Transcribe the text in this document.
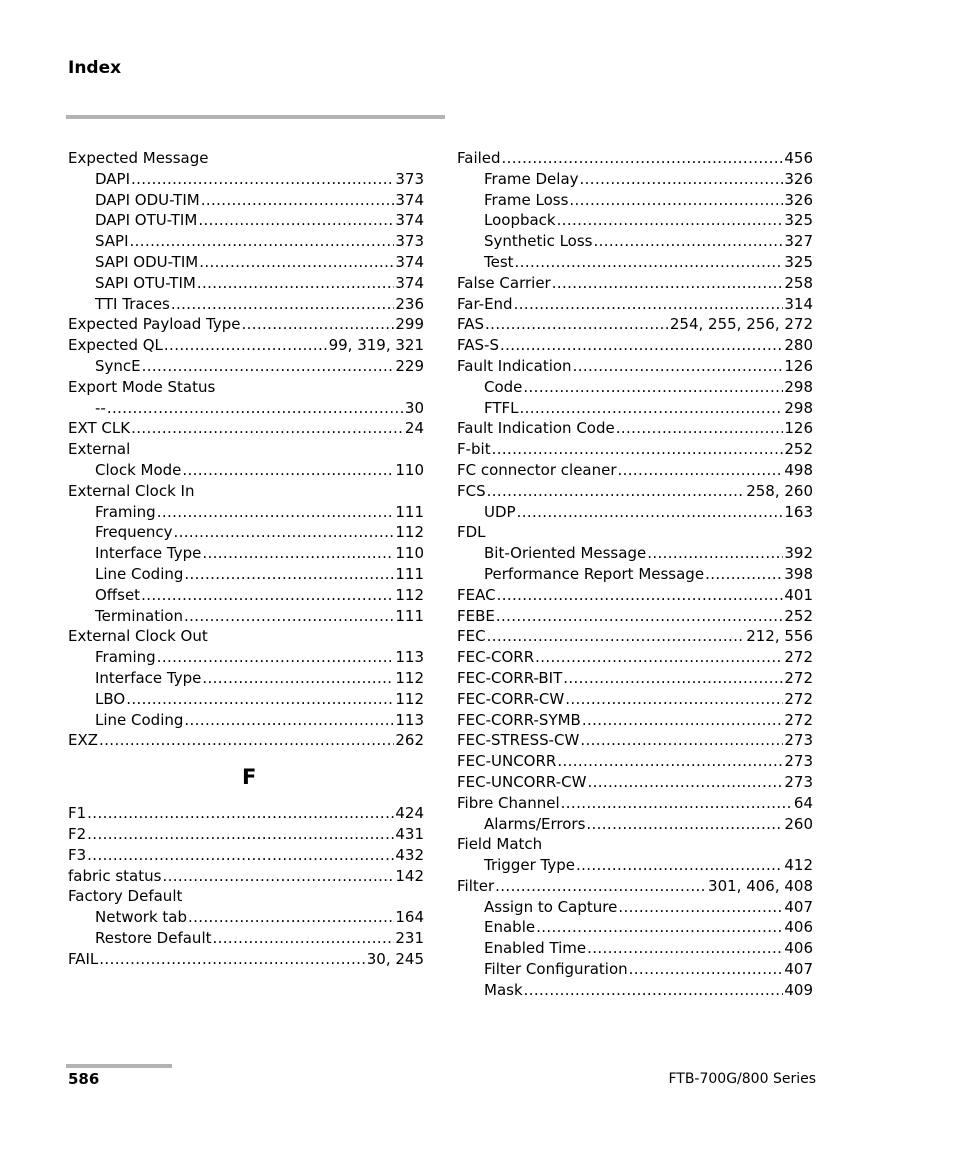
Index
Expected Message
DAPI . . .	373
DAPI ODU-TIM . . .	374
DAPI OTU-TIM . . .	374
SAPI . . .	373
SAPI ODU-TIM . . .	374
SAPI OTU-TIM . . .	374
TTI Traces . . .	236
Expected Payload Type . . .	299
Expected QL . . .	99, 319, 321
SyncE . . .	229
Export Mode Status
-- . . .	30
EXT CLK . . .	24
External
Clock Mode . . .	110
External Clock In
Framing . . .	111
Frequency . . .	112
Interface Type . . .	110
Line Coding . . .	111
Offset . . .	112
Termination . . .	111
External Clock Out
Framing . . .	113
Interface Type . . .	112
LBO . . .	112
Line Coding . . .	113
EXZ . . .	262
F
F1 . . .	424
F2 . . .	431
F3 . . .	432
fabric status . . .	142
Factory Default
Network tab . . .	164
Restore Default . . .	231
FAIL . . .	30, 245
Failed . . .	456
Frame Delay . . .	326
Frame Loss . . .	326
Loopback . . .	325
Synthetic Loss . . .	327
Test . . .	325
False Carrier . . .	258
Far-End . . .	314
FAS . . .	254, 255, 256, 272
FAS-S . . .	280
Fault Indication . . .	126
Code . . .	298
FTFL . . .	298
Fault Indication Code . . .	126
F-bit . . .	252
FC connector cleaner . . .	498
FCS . . .	258, 260
UDP . . .	163
FDL
Bit-Oriented Message . . .	392
Performance Report Message . . .	398
FEAC . . .	401
FEBE . . .	252
FEC . . .	212, 556
FEC-CORR . . .	272
FEC-CORR-BIT . . .	272
FEC-CORR-CW . . .	272
FEC-CORR-SYMB . . .	272
FEC-STRESS-CW . . .	273
FEC-UNCORR . . .	273
FEC-UNCORR-CW . . .	273
Fibre Channel . . .	64
Alarms/Errors . . .	260
Field Match
Trigger Type . . .	412
Filter . . .	301, 406, 408
Assign to Capture . . .	407
Enable . . .	406
Enabled Time . . .	406
Filter Configuration . . .	407
Mask . . .	409
586	FTB-700G/800 Series
